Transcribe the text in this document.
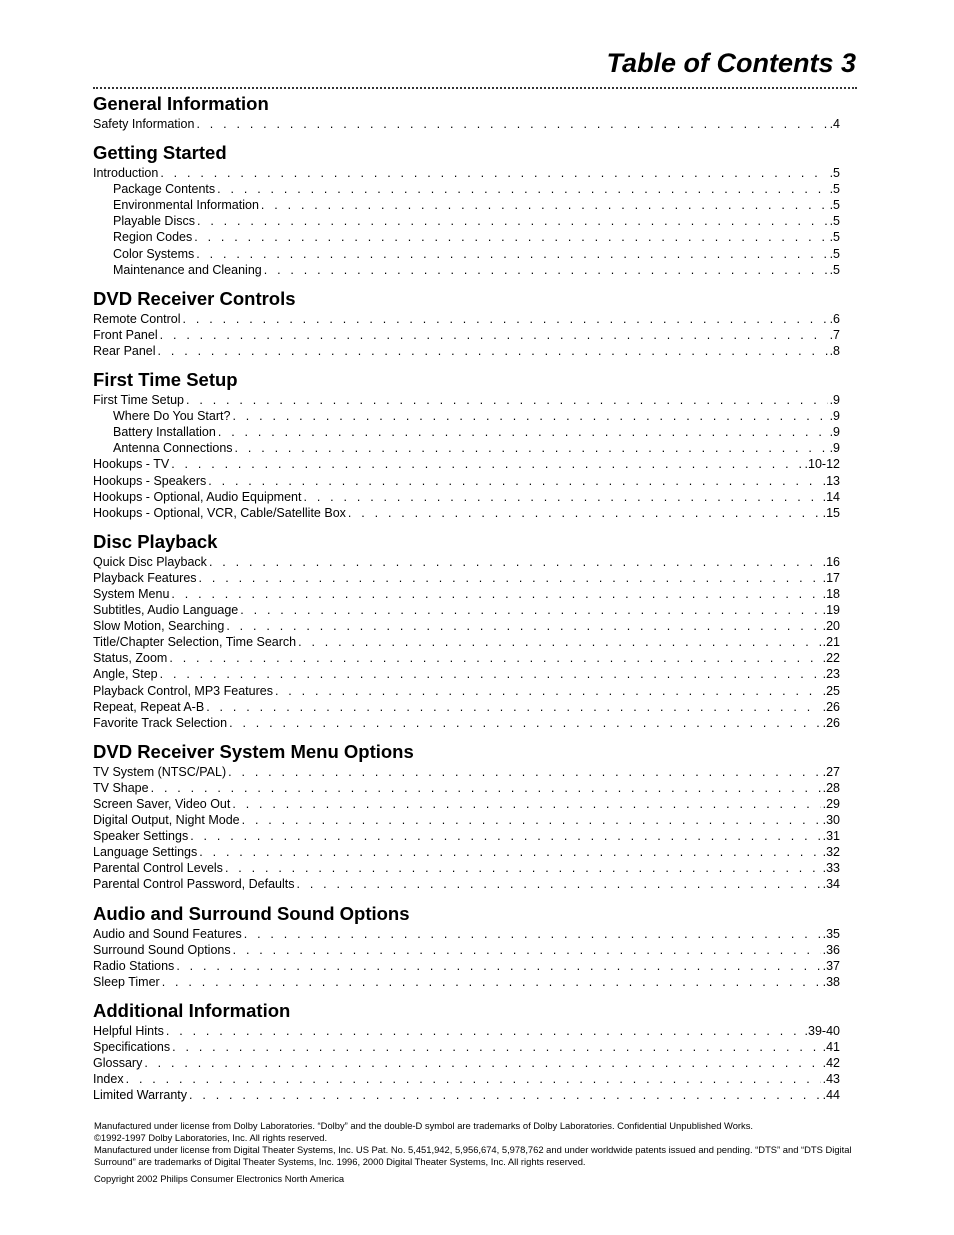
Table of Contents 3
General Information
Safety Information . . .	.4
Getting Started
Introduction . . .	.5
Package Contents . . .	.5
Environmental Information . . .	.5
Playable Discs . . .	.5
Region Codes . . .	.5
Color Systems . . .	.5
Maintenance and Cleaning . . .	.5
DVD Receiver Controls
Remote Control . . .	.6
Front Panel . . .	.7
Rear Panel . . .	.8
First Time Setup
First Time Setup . . .	.9
Where Do You Start? . . .	.9
Battery Installation . . .	.9
Antenna Connections . . .	.9
Hookups - TV . . .	.10-12
Hookups - Speakers . . .	.13
Hookups - Optional, Audio Equipment . . .	.14
Hookups - Optional, VCR, Cable/Satellite Box . . .	.15
Disc Playback
Quick Disc Playback . . .	.16
Playback Features . . .	.17
System Menu . . .	.18
Subtitles, Audio Language . . .	.19
Slow Motion, Searching . . .	.20
Title/Chapter Selection, Time Search . . .	.21
Status, Zoom . . .	.22
Angle, Step . . .	.23
Playback Control, MP3 Features . . .	.25
Repeat, Repeat A-B . . .	.26
Favorite Track Selection . . .	.26
DVD Receiver System Menu Options
TV System (NTSC/PAL) . . .	.27
TV Shape . . .	.28
Screen Saver, Video Out . . .	.29
Digital Output, Night Mode . . .	.30
Speaker Settings . . .	.31
Language Settings . . .	.32
Parental Control Levels . . .	.33
Parental Control Password, Defaults . . .	.34
Audio and Surround Sound Options
Audio and Sound Features . . .	.35
Surround Sound Options . . .	.36
Radio Stations . . .	.37
Sleep Timer . . .	.38
Additional Information
Helpful Hints . . .	.39-40
Specifications . . .	.41
Glossary . . .	.42
Index . . .	.43
Limited Warranty . . .	.44

Manufactured under license from Dolby Laboratories. “Dolby” and the double-D symbol are trademarks of Dolby Laboratories. Confidential Unpublished Works.

©1992-1997 Dolby Laboratories, Inc. All rights reserved.

Manufactured under license from Digital Theater Systems, Inc. US Pat. No. 5,451,942, 5,956,674, 5,978,762 and under worldwide patents issued and pending. “DTS” and “DTS Digital Surround” are trademarks of Digital Theater Systems, Inc. 1996, 2000 Digital Theater Systems, Inc. All rights reserved.

Copyright 2002 Philips Consumer Electronics North America
